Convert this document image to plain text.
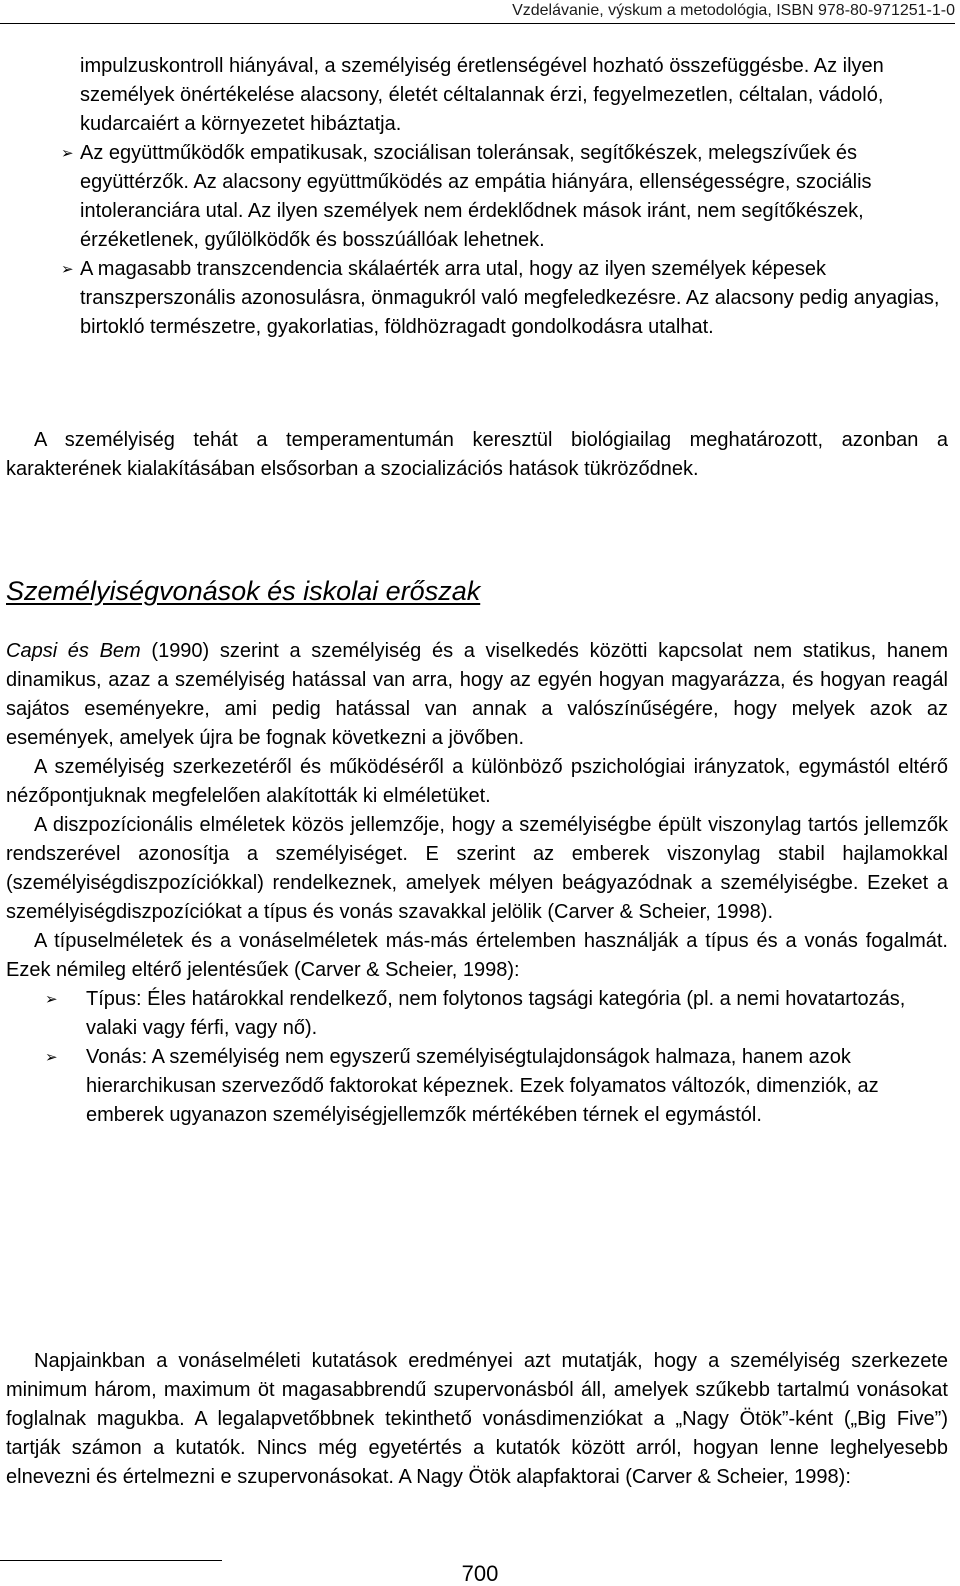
Vzdelávanie, výskum a metodológia, ISBN 978-80-971251-1-0
impulzuskontroll hiányával, a személyiség éretlenségével hozható összefüggésbe. Az ilyen személyek önértékelése alacsony, életét céltalannak érzi, fegyelmezetlen, céltalan, vádoló, kudarcaiért a környezetet hibáztatja.
➢ Az együttműködők empatikusak, szociálisan toleránsak, segítőkészek, melegszívűek és együttérzők. Az alacsony együttműködés az empátia hiányára, ellenségességre, szociális intoleranciára utal. Az ilyen személyek nem érdeklődnek mások iránt, nem segítőkészek, érzéketlenek, gyűlölködők és bosszúállóak lehetnek.
➢ A magasabb transzcendencia skálaérték arra utal, hogy az ilyen személyek képesek transzperszonális azonosulásra, önmagukról való megfeledkezésre. Az alacsony pedig anyagias, birtokló természetre, gyakorlatias, földhözragadt gondolkodásra utalhat.
A személyiség tehát a temperamentumán keresztül biológiailag meghatározott, azonban a karakterének kialakításában elsősorban a szocializációs hatások tükröződnek.
Személyiségvonások és iskolai erőszak
Capsi és Bem (1990) szerint a személyiség és a viselkedés közötti kapcsolat nem statikus, hanem dinamikus, azaz a személyiség hatással van arra, hogy az egyén hogyan magyarázza, és hogyan reagál sajátos eseményekre, ami pedig hatással van annak a valószínűségére, hogy melyek azok az események, amelyek újra be fognak következni a jövőben.
A személyiség szerkezetéről és működéséről a különböző pszichológiai irányzatok, egymástól eltérő nézőpontjuknak megfelelően alakították ki elméletüket.
A diszpozícionális elméletek közös jellemzője, hogy a személyiségbe épült viszonylag tartós jellemzők rendszerével azonosítja a személyiséget. E szerint az emberek viszonylag stabil hajlamokkal (személyiségdiszpozíciókkal) rendelkeznek, amelyek mélyen beágyazódnak a személyiségbe. Ezeket a személyiségdiszpozíciókat a típus és vonás szavakkal jelölik (Carver & Scheier, 1998).
A típuselméletek és a vonáselméletek más-más értelemben használják a típus és a vonás fogalmát. Ezek némileg eltérő jelentésűek (Carver & Scheier, 1998):
➢ Típus: Éles határokkal rendelkező, nem folytonos tagsági kategória (pl. a nemi hovatartozás, valaki vagy férfi, vagy nő).
➢ Vonás: A személyiség nem egyszerű személyiségtulajdonságok halmaza, hanem azok hierarchikusan szerveződő faktorokat képeznek. Ezek folyamatos változók, dimenziók, az emberek ugyanazon személyiségjellemzők mértékében térnek el egymástól.
Napjainkban a vonáselméleti kutatások eredményei azt mutatják, hogy a személyiség szerkezete minimum három, maximum öt magasabbrendű szupervonásból áll, amelyek szűkebb tartalmú vonásokat foglalnak magukba. A legalapvetőbbnek tekinthető vonásdimenziókat a „Nagy Ötök”-ként („Big Five”) tartják számon a kutatók. Nincs még egyetértés a kutatók között arról, hogyan lenne leghelyesebb elnevezni és értelmezni e szupervonásokat. A Nagy Ötök alapfaktorai (Carver & Scheier, 1998):
700
